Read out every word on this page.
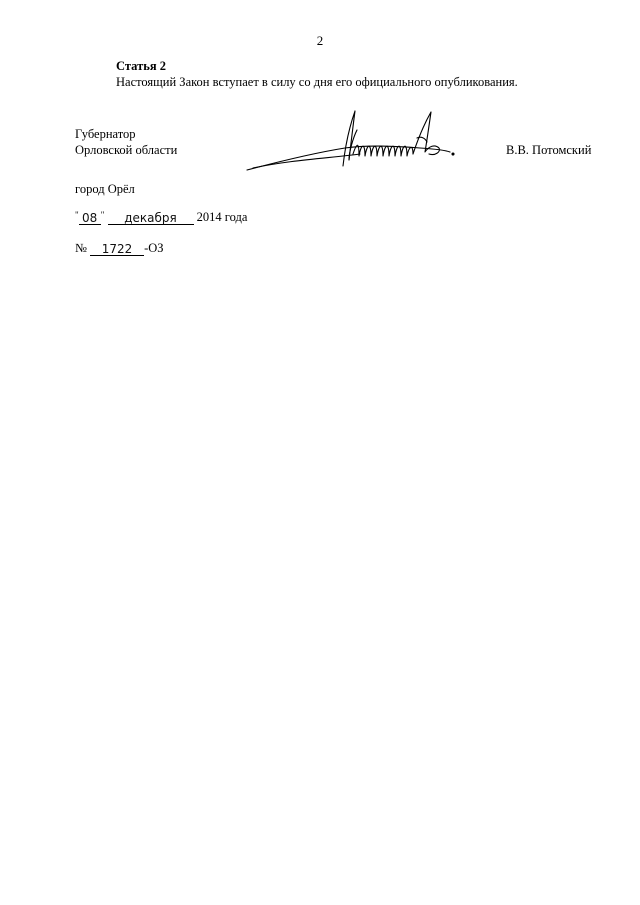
2
Статья 2
Настоящий Закон вступает в силу со дня его официального опубликования.
Губернатор
Орловской области	В.В. Потомский
город Орёл
" 08 " декабря 2014 года
№ 1722 -ОЗ
